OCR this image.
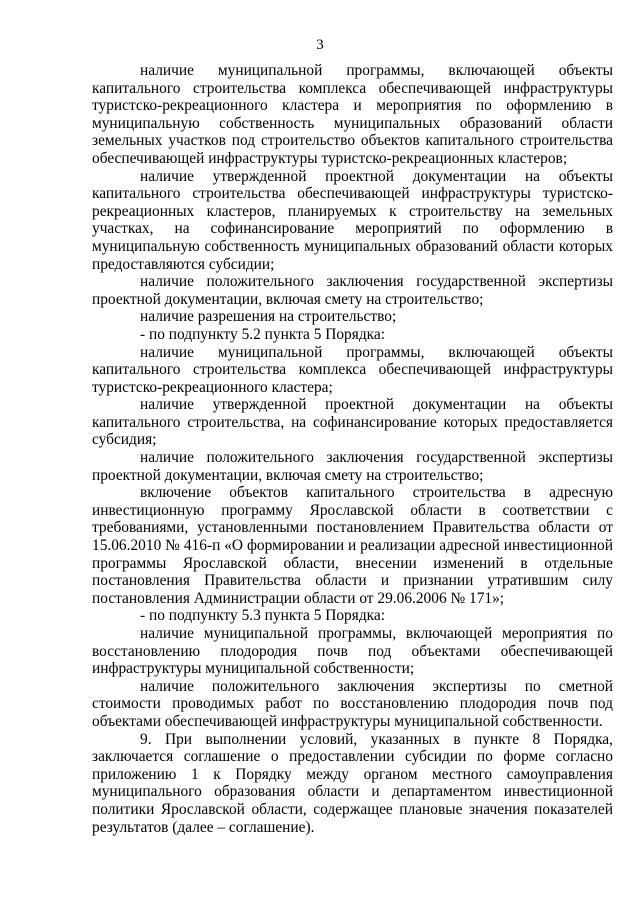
3

наличие муниципальной программы, включающей объекты капитального строительства комплекса обеспечивающей инфраструктуры туристско-рекреационного кластера и мероприятия по оформлению в муниципальную собственность муниципальных образований области земельных участков под строительство объектов капитального строительства обеспечивающей инфраструктуры туристско-рекреационных кластеров;

наличие утвержденной проектной документации на объекты капитального строительства обеспечивающей инфраструктуры туристско-рекреационных кластеров, планируемых к строительству на земельных участках, на софинансирование мероприятий по оформлению в муниципальную собственность муниципальных образований области которых предоставляются субсидии;

наличие положительного заключения государственной экспертизы проектной документации, включая смету на строительство;

наличие разрешения на строительство;

- по подпункту 5.2 пункта 5 Порядка:

наличие муниципальной программы, включающей объекты капитального строительства комплекса обеспечивающей инфраструктуры туристско-рекреационного кластера;

наличие утвержденной проектной документации на объекты капитального строительства, на софинансирование которых предоставляется субсидия;

наличие положительного заключения государственной экспертизы проектной документации, включая смету на строительство;

включение объектов капитального строительства в адресную инвестиционную программу Ярославской области в соответствии с требованиями, установленными постановлением Правительства области от 15.06.2010 № 416-п «О формировании и реализации адресной инвестиционной программы Ярославской области, внесении изменений в отдельные постановления Правительства области и признании утратившим силу постановления Администрации области от 29.06.2006 № 171»;

- по подпункту 5.3 пункта 5 Порядка:

наличие муниципальной программы, включающей мероприятия по восстановлению плодородия почв под объектами обеспечивающей инфраструктуры муниципальной собственности;

наличие положительного заключения экспертизы по сметной стоимости проводимых работ по восстановлению плодородия почв под объектами обеспечивающей инфраструктуры муниципальной собственности.

9. При выполнении условий, указанных в пункте 8 Порядка, заключается соглашение о предоставлении субсидии по форме согласно приложению 1 к Порядку между органом местного самоуправления муниципального образования области и департаментом инвестиционной политики Ярославской области, содержащее плановые значения показателей результатов (далее – соглашение).
